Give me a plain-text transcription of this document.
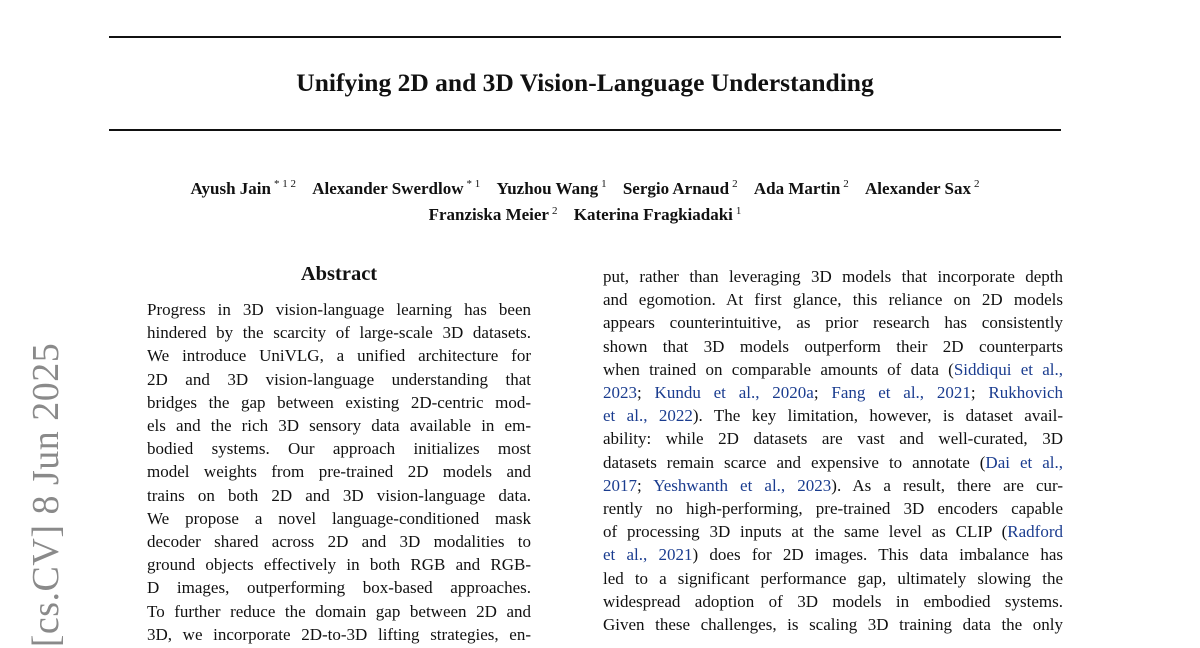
Unifying 2D and 3D Vision-Language Understanding
Ayush Jain $^{* 1 2}$ Alexander Swerdlow $^{* 1}$ Yuzhou Wang $^1$ Sergio Arnaud $^2$ Ada Martin $^2$ Alexander Sax $^2$
Franziska Meier $^2$ Katerina Fragkiadaki $^1$
[cs.CV] 8 Jun 2025
Abstract
Progress in 3D vision-language learning has been
hindered by the scarcity of large-scale 3D datasets.
We introduce UniVLG, a unified architecture for
2D and 3D vision-language understanding that
bridges the gap between existing 2D-centric mod-
els and the rich 3D sensory data available in em-
bodied systems. Our approach initializes most
model weights from pre-trained 2D models and
trains on both 2D and 3D vision-language data.
We propose a novel language-conditioned mask
decoder shared across 2D and 3D modalities to
ground objects effectively in both RGB and RGB-
D images, outperforming box-based approaches.
To further reduce the domain gap between 2D and
3D, we incorporate 2D-to-3D lifting strategies, en-
put, rather than leveraging 3D models that incorporate depth
and egomotion. At first glance, this reliance on 2D models
appears counterintuitive, as prior research has consistently
shown that 3D models outperform their 2D counterparts
when trained on comparable amounts of data (Siddiqui et al.,
2023; Kundu et al., 2020a; Fang et al., 2021; Rukhovich
et al., 2022). The key limitation, however, is dataset avail-
ability: while 2D datasets are vast and well-curated, 3D
datasets remain scarce and expensive to annotate (Dai et al.,
2017; Yeshwanth et al., 2023). As a result, there are cur-
rently no high-performing, pre-trained 3D encoders capable
of processing 3D inputs at the same level as CLIP (Radford
et al., 2021) does for 2D images. This data imbalance has
led to a significant performance gap, ultimately slowing the
widespread adoption of 3D models in embodied systems.
Given these challenges, is scaling 3D training data the only
